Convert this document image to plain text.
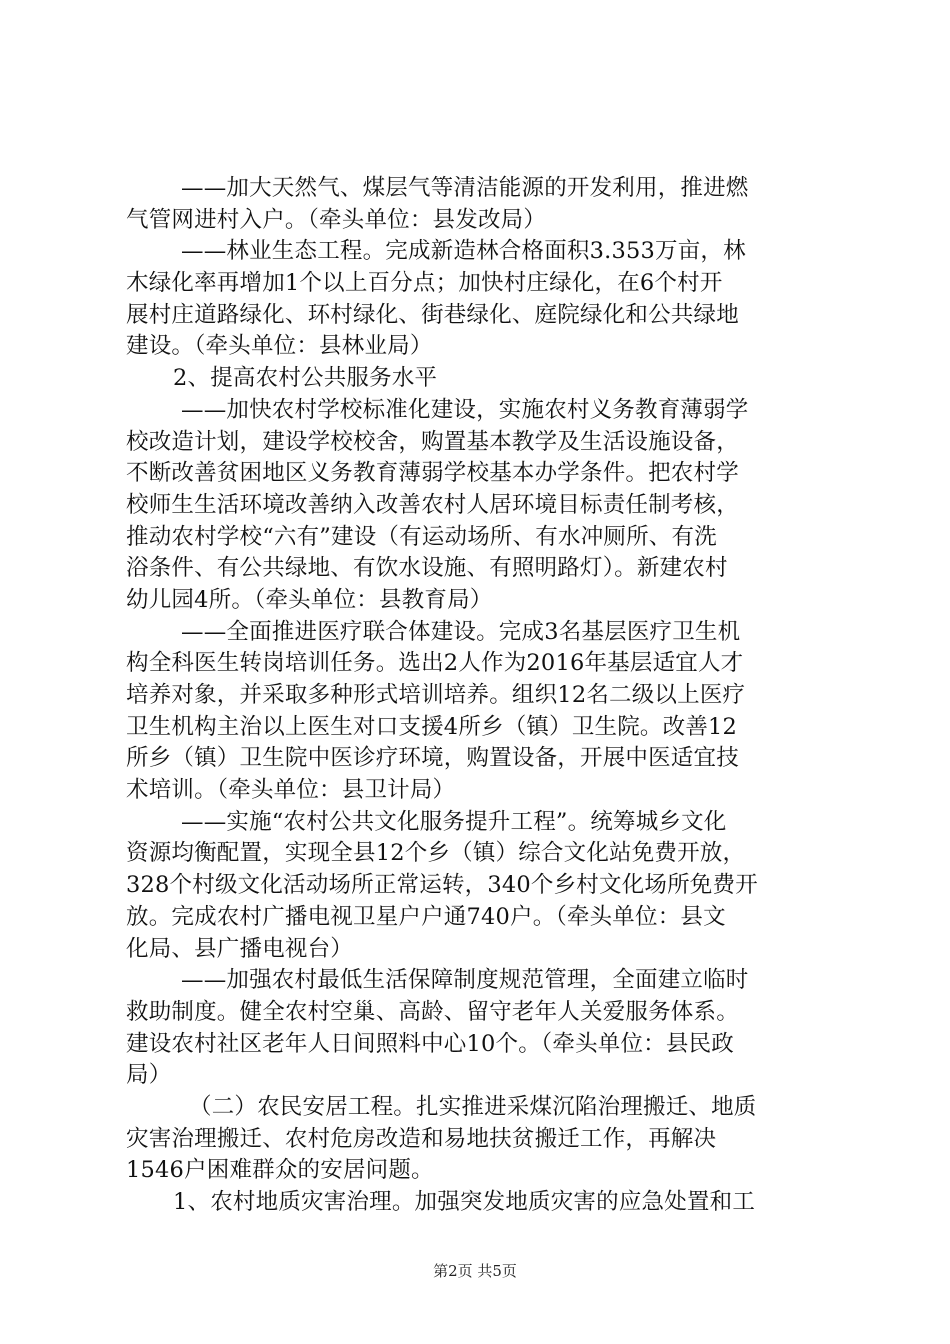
——加大天然气、煤层气等清洁能源的开发利用，推进燃
气管网进村入户。（牵头单位：县发改局）
——林业生态工程。完成新造林合格面积3.353万亩，林
木绿化率再增加1个以上百分点；加快村庄绿化，在6个村开
展村庄道路绿化、环村绿化、街巷绿化、庭院绿化和公共绿地
建设。（牵头单位：县林业局）
2、提高农村公共服务水平
——加快农村学校标准化建设，实施农村义务教育薄弱学
校改造计划，建设学校校舍，购置基本教学及生活设施设备，
不断改善贫困地区义务教育薄弱学校基本办学条件。把农村学
校师生生活环境改善纳入改善农村人居环境目标责任制考核，
推动农村学校“六有”建设（有运动场所、有水冲厕所、有洗
浴条件、有公共绿地、有饮水设施、有照明路灯）。新建农村
幼儿园4所。（牵头单位：县教育局）
——全面推进医疗联合体建设。完成3名基层医疗卫生机
构全科医生转岗培训任务。选出2人作为2016年基层适宜人才
培养对象，并采取多种形式培训培养。组织12名二级以上医疗
卫生机构主治以上医生对口支援4所乡（镇）卫生院。改善12
所乡（镇）卫生院中医诊疗环境，购置设备，开展中医适宜技
术培训。（牵头单位：县卫计局）
——实施“农村公共文化服务提升工程”。统筹城乡文化
资源均衡配置，实现全县12个乡（镇）综合文化站免费开放，
328个村级文化活动场所正常运转，340个乡村文化场所免费开
放。完成农村广播电视卫星户户通740户。（牵头单位：县文
化局、县广播电视台）
——加强农村最低生活保障制度规范管理，全面建立临时
救助制度。健全农村空巢、高龄、留守老年人关爱服务体系。
建设农村社区老年人日间照料中心10个。（牵头单位：县民政
局）
（二）农民安居工程。扎实推进采煤沉陷治理搬迁、地质
灾害治理搬迁、农村危房改造和易地扶贫搬迁工作，再解决
1546户困难群众的安居问题。
1、农村地质灾害治理。加强突发地质灾害的应急处置和工
第2页 共5页
